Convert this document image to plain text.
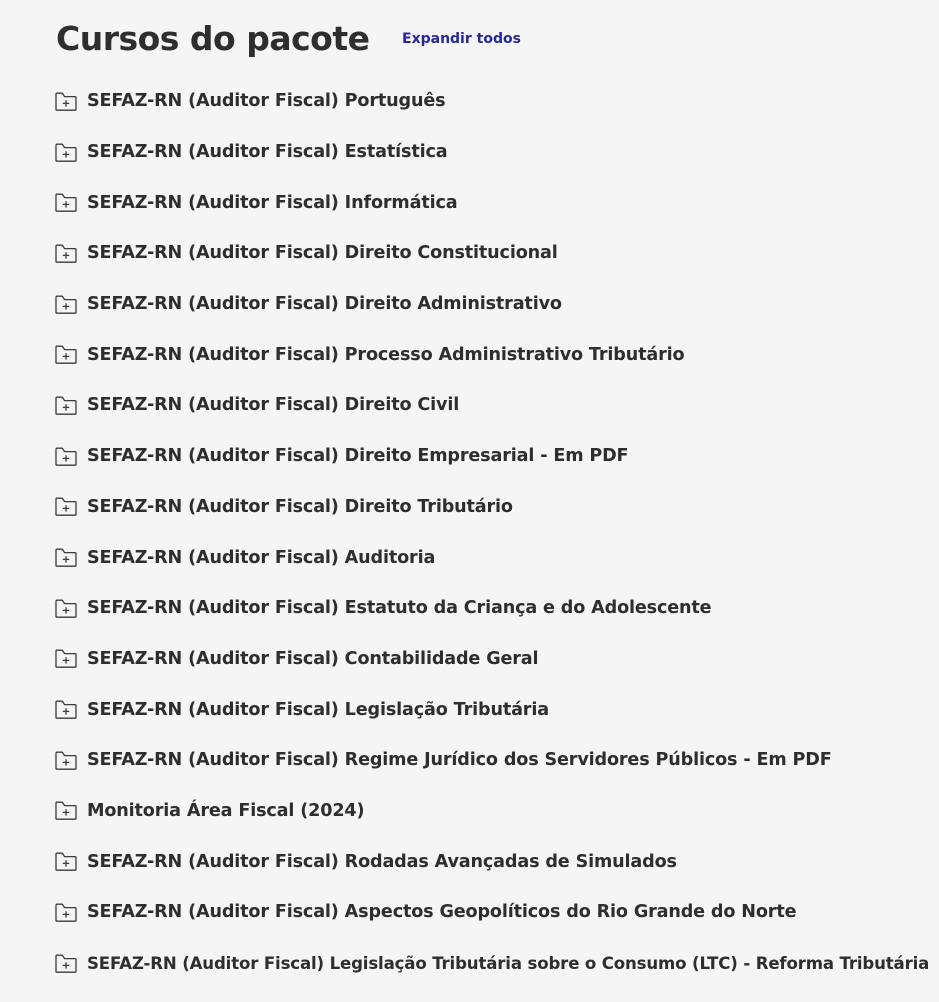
Cursos do pacote Expandir todos
SEFAZ-RN (Auditor Fiscal) Português
SEFAZ-RN (Auditor Fiscal) Estatística
SEFAZ-RN (Auditor Fiscal) Informática
SEFAZ-RN (Auditor Fiscal) Direito Constitucional
SEFAZ-RN (Auditor Fiscal) Direito Administrativo
SEFAZ-RN (Auditor Fiscal) Processo Administrativo Tributário
SEFAZ-RN (Auditor Fiscal) Direito Civil
SEFAZ-RN (Auditor Fiscal) Direito Empresarial - Em PDF
SEFAZ-RN (Auditor Fiscal) Direito Tributário
SEFAZ-RN (Auditor Fiscal) Auditoria
SEFAZ-RN (Auditor Fiscal) Estatuto da Criança e do Adolescente
SEFAZ-RN (Auditor Fiscal) Contabilidade Geral
SEFAZ-RN (Auditor Fiscal) Legislação Tributária
SEFAZ-RN (Auditor Fiscal) Regime Jurídico dos Servidores Públicos - Em PDF
Monitoria Área Fiscal (2024)
SEFAZ-RN (Auditor Fiscal) Rodadas Avançadas de Simulados
SEFAZ-RN (Auditor Fiscal) Aspectos Geopolíticos do Rio Grande do Norte
SEFAZ-RN (Auditor Fiscal) Legislação Tributária sobre o Consumo (LTC) - Reforma Tributária
